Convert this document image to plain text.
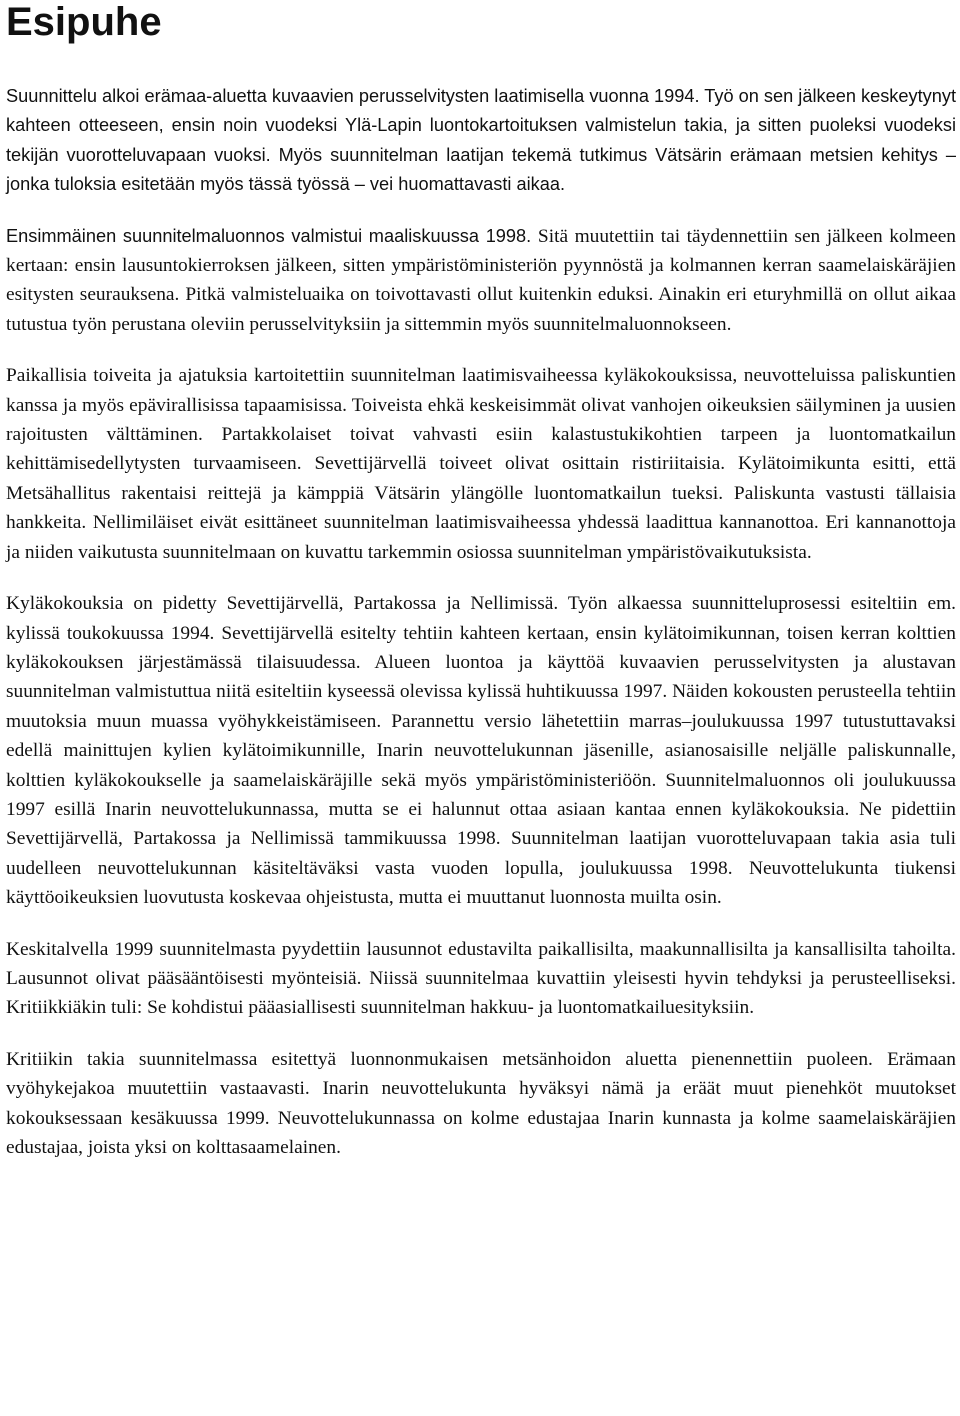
Esipuhe

Suunnittelu alkoi erämaa-aluetta kuvaavien perusselvitysten laatimisella vuonna 1994. Työ on sen jälkeen keskeytynyt kahteen otteeseen, ensin noin vuodeksi Ylä-Lapin luontokartoituksen valmistelun takia, ja sitten puoleksi vuodeksi tekijän vuorotteluvapaan vuoksi. Myös suunnitelman laatijan tekemä tutkimus Vätsärin erämaan metsien kehitys – jonka tuloksia esitetään myös tässä työssä – vei huomattavasti aikaa.

Ensimmäinen suunnitelmaluonnos valmistui maaliskuussa 1998. Sitä muutettiin tai täydennettiin sen jälkeen kolmeen kertaan: ensin lausuntokierroksen jälkeen, sitten ympäristöministeriön pyynnöstä ja kolmannen kerran saamelaiskäräjien esitysten seurauksena. Pitkä valmisteluaika on toivottavasti ollut kuitenkin eduksi. Ainakin eri eturyhmillä on ollut aikaa tutustua työn perustana oleviin perusselvityksiin ja sittemmin myös suunnitelmaluonnokseen.

Paikallisia toiveita ja ajatuksia kartoitettiin suunnitelman laatimisvaiheessa kyläkokouksissa, neuvotteluissa paliskuntien kanssa ja myös epävirallisissa tapaamisissa. Toiveista ehkä keskeisimmät olivat vanhojen oikeuksien säilyminen ja uusien rajoitusten välttäminen. Partakkolaiset toivat vahvasti esiin kalastustukikohtien tarpeen ja luontomatkailun kehittämisedellytysten turvaamiseen. Sevettijärvellä toiveet olivat osittain ristiriitaisia. Kylätoimikunta esitti, että Metsähallitus rakentaisi reittejä ja kämppiä Vätsärin ylängölle luontomatkailun tueksi. Paliskunta vastusti tällaisia hankkeita. Nellimiläiset eivät esittäneet suunnitelman laatimisvaiheessa yhdessä laadittua kannanottoa. Eri kannanottoja ja niiden vaikutusta suunnitelmaan on kuvattu tarkemmin osiossa suunnitelman ympäristövaikutuksista.

Kyläkokouksia on pidetty Sevettijärvellä, Partakossa ja Nellimissä. Työn alkaessa suunnitteluprosessi esiteltiin em. kylissä toukokuussa 1994. Sevettijärvellä esitelty tehtiin kahteen kertaan, ensin kylätoimikunnan, toisen kerran kolttien kyläkokouksen järjestämässä tilaisuudessa. Alueen luontoa ja käyttöä kuvaavien perusselvitysten ja alustavan suunnitelman valmistuttua niitä esiteltiin kyseessä olevissa kylissä huhtikuussa 1997. Näiden kokousten perusteella tehtiin muutoksia muun muassa vyöhykkeistämiseen. Parannettu versio lähetettiin marras–joulukuussa 1997 tutustuttavaksi edellä mainittujen kylien kylätoimikunnille, Inarin neuvottelukunnan jäsenille, asianosaisille neljälle paliskunnalle, kolttien kyläkokoukselle ja saamelaiskäräjille sekä myös ympäristöministeriöön. Suunnitelmaluonnos oli joulukuussa 1997 esillä Inarin neuvottelukunnassa, mutta se ei halunnut ottaa asiaan kantaa ennen kyläkokouksia. Ne pidettiin Sevettijärvellä, Partakossa ja Nellimissä tammikuussa 1998. Suunnitelman laatijan vuorotteluvapaan takia asia tuli uudelleen neuvottelukunnan käsiteltäväksi vasta vuoden lopulla, joulukuussa 1998. Neuvottelukunta tiukensi käyttöoikeuksien luovutusta koskevaa ohjeistusta, mutta ei muuttanut luonnosta muilta osin.

Keskitalvella 1999 suunnitelmasta pyydettiin lausunnot edustavilta paikallisilta, maakunnallisilta ja kansallisilta tahoilta. Lausunnot olivat pääsääntöisesti myönteisiä. Niissä suunnitelmaa kuvattiin yleisesti hyvin tehdyksi ja perusteelliseksi. Kritiikkiäkin tuli: Se kohdistui pääasiallisesti suunnitelman hakkuu- ja luontomatkailuesityksiin.

Kritiikin takia suunnitelmassa esitettyä luonnonmukaisen metsänhoidon aluetta pienennettiin puoleen. Erämaan vyöhykejakoa muutettiin vastaavasti. Inarin neuvottelukunta hyväksyi nämä ja eräät muut pienehköt muutokset kokouksessaan kesäkuussa 1999. Neuvottelukunnassa on kolme edustajaa Inarin kunnasta ja kolme saamelaiskäräjien edustajaa, joista yksi on kolttasaamelainen.
